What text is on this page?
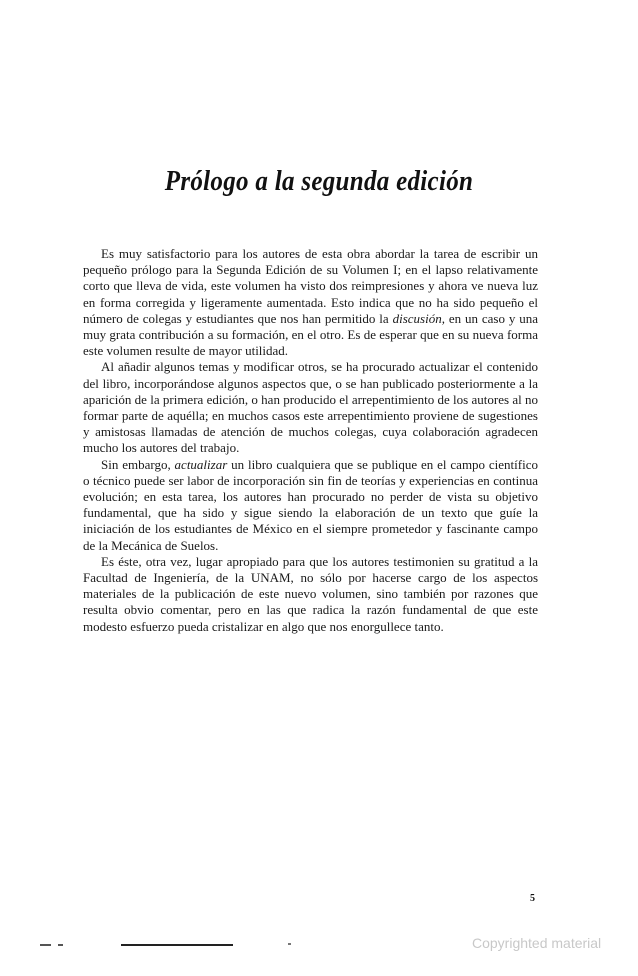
Prólogo a la segunda edición

Es muy satisfactorio para los autores de esta obra abordar la tarea de escribir un pequeño prólogo para la Segunda Edición de su Volumen I; en el lapso relativamente corto que lleva de vida, este volumen ha visto dos reimpresiones y ahora ve nueva luz en forma corregida y ligeramente aumentada. Esto indica que no ha sido pequeño el número de colegas y estudiantes que nos han permitido la discusión, en un caso y una muy grata contribución a su formación, en el otro. Es de esperar que en su nueva forma este volumen resulte de mayor utilidad.

Al añadir algunos temas y modificar otros, se ha procurado actualizar el contenido del libro, incorporándose algunos aspectos que, o se han publicado posteriormente a la aparición de la primera edición, o han producido el arrepentimiento de los autores al no formar parte de aquélla; en muchos casos este arrepentimiento proviene de sugestiones y amistosas llamadas de atención de muchos colegas, cuya colaboración agradecen mucho los autores del trabajo.

Sin embargo, actualizar un libro cualquiera que se publique en el campo científico o técnico puede ser labor de incorporación sin fin de teorías y experiencias en continua evolución; en esta tarea, los autores han procurado no perder de vista su objetivo fundamental, que ha sido y sigue siendo la elaboración de un texto que guíe la iniciación de los estudiantes de México en el siempre prometedor y fascinante campo de la Mecánica de Suelos.

Es éste, otra vez, lugar apropiado para que los autores testimonien su gratitud a la Facultad de Ingeniería, de la UNAM, no sólo por hacerse cargo de los aspectos materiales de la publicación de este nuevo volumen, sino también por razones que resulta obvio comentar, pero en las que radica la razón fundamental de que este modesto esfuerzo pueda cristalizar en algo que nos enorgullece tanto.

5
Copyrighted material
